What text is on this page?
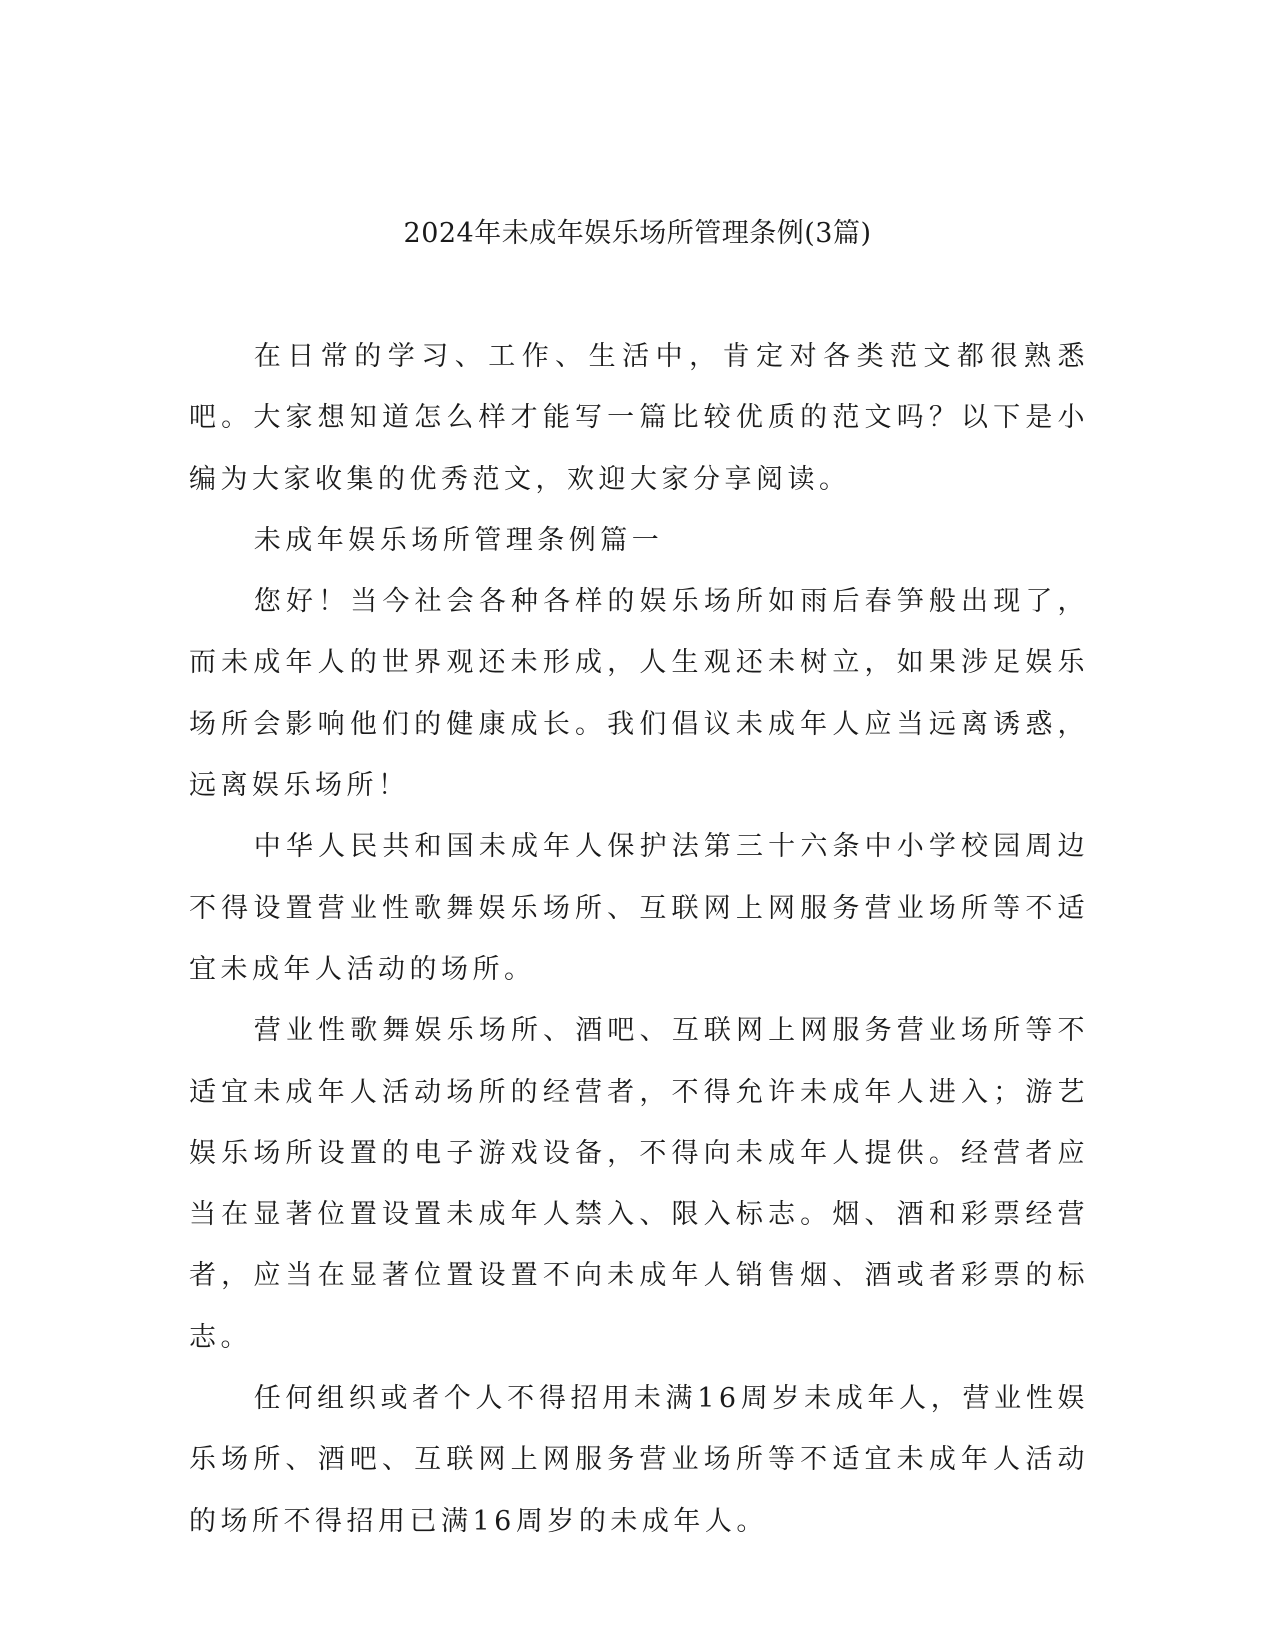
2024年未成年娱乐场所管理条例(3篇)

在日常的学习、工作、生活中，肯定对各类范文都很熟悉吧。大家想知道怎么样才能写一篇比较优质的范文吗？以下是小编为大家收集的优秀范文，欢迎大家分享阅读。

未成年娱乐场所管理条例篇一

您好！当今社会各种各样的娱乐场所如雨后春笋般出现了，而未成年人的世界观还未形成，人生观还未树立，如果涉足娱乐场所会影响他们的健康成长。我们倡议未成年人应当远离诱惑，远离娱乐场所！

中华人民共和国未成年人保护法第三十六条中小学校园周边不得设置营业性歌舞娱乐场所、互联网上网服务营业场所等不适宜未成年人活动的场所。

营业性歌舞娱乐场所、酒吧、互联网上网服务营业场所等不适宜未成年人活动场所的经营者，不得允许未成年人进入；游艺娱乐场所设置的电子游戏设备，不得向未成年人提供。经营者应当在显著位置设置未成年人禁入、限入标志。烟、酒和彩票经营者，应当在显著位置设置不向未成年人销售烟、酒或者彩票的标志。

任何组织或者个人不得招用未满16周岁未成年人，营业性娱乐场所、酒吧、互联网上网服务营业场所等不适宜未成年人活动的场所不得招用已满16周岁的未成年人。
